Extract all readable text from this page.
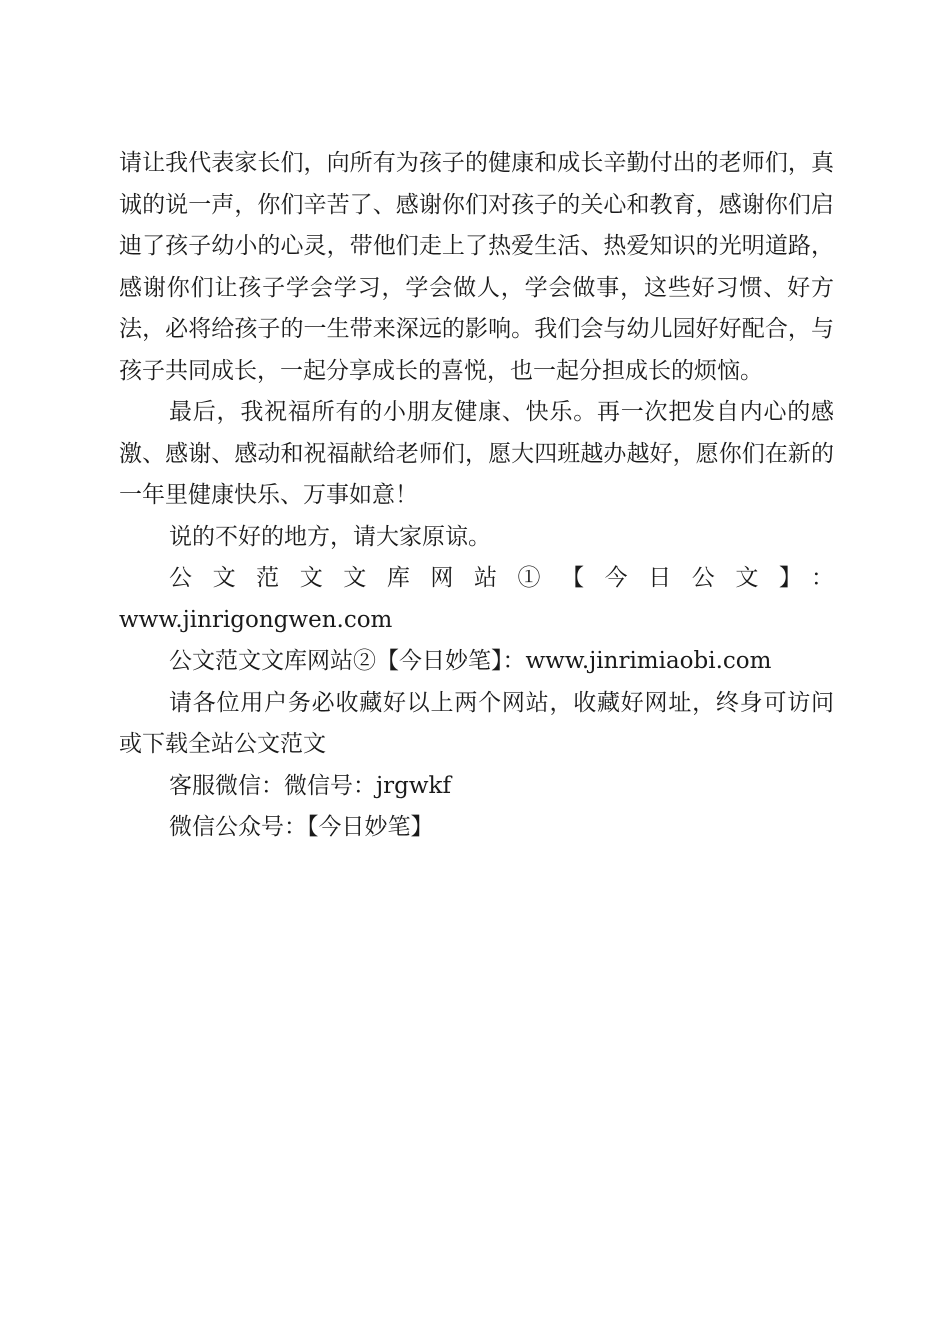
请让我代表家长们，向所有为孩子的健康和成长辛勤付出的老师们，真诚的说一声，你们辛苦了、感谢你们对孩子的关心和教育，感谢你们启迪了孩子幼小的心灵，带他们走上了热爱生活、热爱知识的光明道路，感谢你们让孩子学会学习，学会做人，学会做事，这些好习惯、好方法，必将给孩子的一生带来深远的影响。我们会与幼儿园好好配合，与孩子共同成长，一起分享成长的喜悦，也一起分担成长的烦恼。

最后，我祝福所有的小朋友健康、快乐。再一次把发自内心的感激、感谢、感动和祝福献给老师们，愿大四班越办越好，愿你们在新的一年里健康快乐、万事如意！

说的不好的地方，请大家原谅。

公文范文文库网站①【今日公文】：
www.jinrigongwen.com

公文范文文库网站②【今日妙笔】：www.jinrimiaobi.com

请各位用户务必收藏好以上两个网站，收藏好网址，终身可访问或下载全站公文范文

客服微信：微信号：jrgwkf

微信公众号：【今日妙笔】
